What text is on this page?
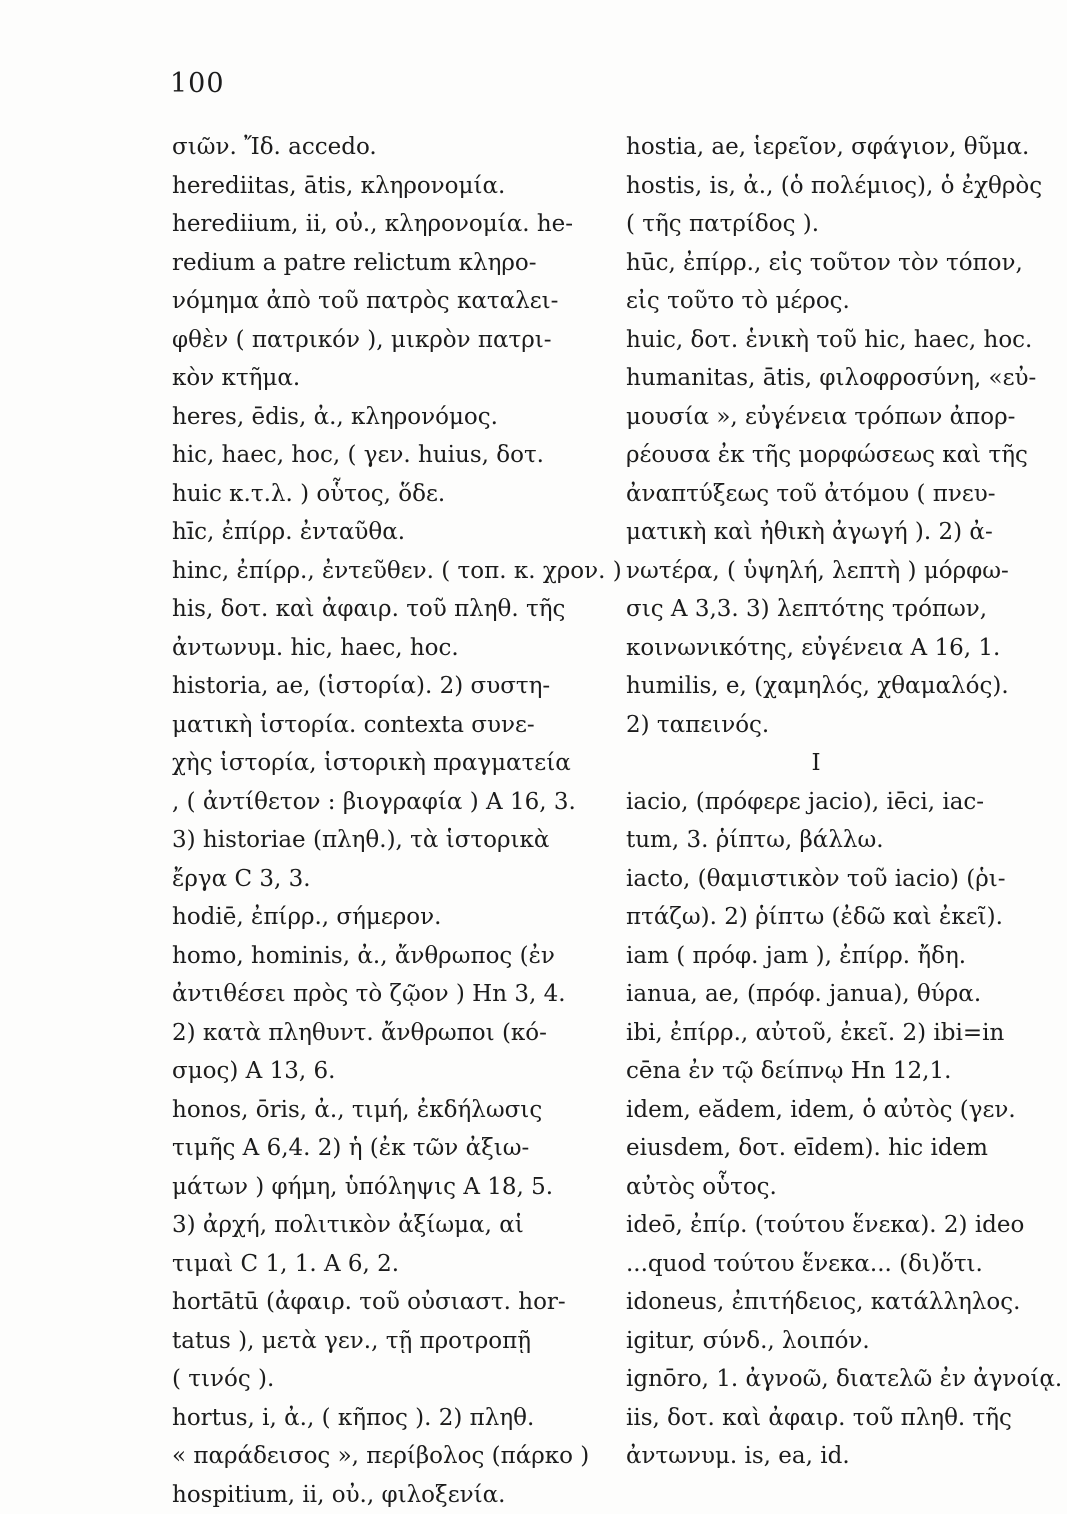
100
σιῶν. Ἴδ. accedo.
herediitas, ātis, κληρονομία.
herediium, ii, οὐ., κληρονομία. he-
redium a patre relictum κληρο-
νόμημα ἀπὸ τοῦ πατρὸς καταλει-
φθὲν ( πατρικόν ), μικρὸν πατρι-
κὸν κτῆμα.
heres, ēdis, ἀ., κληρονόμος.
hic, haec, hoc, ( γεν. huius, δοτ.
huic κ.τ.λ. ) οὗτος, ὅδε.
hīc, ἐπίρρ. ἐνταῦθα.
hinc, ἐπίρρ., ἐντεῦθεν. ( τοπ. κ. χρον. )
his, δοτ. καὶ ἀφαιρ. τοῦ πληθ. τῆς
ἀντωνυμ. hic, haec, hoc.
historia, ae, (ἱστορία). 2) συστη-
ματικὴ ἱστορία. contexta συνε-
χὴς ἱστορία, ἱστορικὴ πραγματεία
, ( ἀντίθετον : βιογραφία ) A 16, 3.
3) historiae (πληθ.), τὰ ἱστορικὰ
ἔργα C 3, 3.
hodiē, ἐπίρρ., σήμερον.
homo, hominis, ἀ., ἄνθρωπος (ἐν
ἀντιθέσει πρὸς τὸ ζῷον ) Hn 3, 4.
2) κατὰ πληθυντ. ἄνθρωποι (κό-
σμος) A 13, 6.
honos, ōris, ἀ., τιμή, ἐκδήλωσις
τιμῆς A 6,4. 2) ἡ (ἐκ τῶν ἀξιω-
μάτων ) φήμη, ὑπόληψις A 18, 5.
3) ἀρχή, πολιτικὸν ἀξίωμα, αἱ
τιμαὶ C 1, 1. A 6, 2.
hortātū (ἀφαιρ. τοῦ οὐσιαστ. hor-
tatus ), μετὰ γεν., τῇ προτροπῇ
( τινός ).
hortus, i, ἀ., ( κῆπος ). 2) πληθ.
« παράδεισος », περίβολος (πάρκο )
hospitium, ii, οὐ., φιλοξενία.
hostia, ae, ἱερεῖον, σφάγιον, θῦμα.
hostis, is, ἀ., (ὁ πολέμιος), ὁ ἐχθρὸς
( τῆς πατρίδος ).
hūc, ἐπίρρ., εἰς τοῦτον τὸν τόπον,
εἰς τοῦτο τὸ μέρος.
huic, δοτ. ἑνικὴ τοῦ hic, haec, hoc.
humanitas, ātis, φιλοφροσύνη, «εὐ-
μουσία », εὐγένεια τρόπων ἀπορ-
ρέουσα ἐκ τῆς μορφώσεως καὶ τῆς
ἀναπτύξεως τοῦ ἀτόμου ( πνευ-
ματικὴ καὶ ἠθικὴ ἀγωγή ). 2) ἀ-
νωτέρα, ( ὑψηλή, λεπτὴ ) μόρφω-
σις A 3,3. 3) λεπτότης τρόπων,
κοινωνικότης, εὐγένεια A 16, 1.
humilis, e, (χαμηλός, χθαμαλός).
2) ταπεινός.
I
iacio, (πρόφερε jacio), iēci, iac-
tum, 3. ῥίπτω, βάλλω.
iacto, (θαμιστικὸν τοῦ iacio) (ῥι-
πτάζω). 2) ῥίπτω (ἐδῶ καὶ ἐκεῖ).
iam ( πρόφ. jam ), ἐπίρρ. ἤδη.
ianua, ae, (πρόφ. janua), θύρα.
ibi, ἐπίρρ., αὐτοῦ, ἐκεῖ. 2) ibi=in
cēna ἐν τῷ δείπνῳ Hn 12,1.
idem, eădem, idem, ὁ αὐτὸς (γεν.
eiusdem, δοτ. eīdem). hic idem
αὐτὸς οὗτος.
ideō, ἐπίρ. (τούτου ἕνεκα). 2) ideo
...quod τούτου ἕνεκα... (δι)ὅτι.
idoneus, ἐπιτήδειος, κατάλληλος.
igitur, σύνδ., λοιπόν.
ignōro, 1. ἀγνοῶ, διατελῶ ἐν ἀγνοίᾳ.
iis, δοτ. καὶ ἀφαιρ. τοῦ πληθ. τῆς
ἀντωνυμ. is, ea, id.
